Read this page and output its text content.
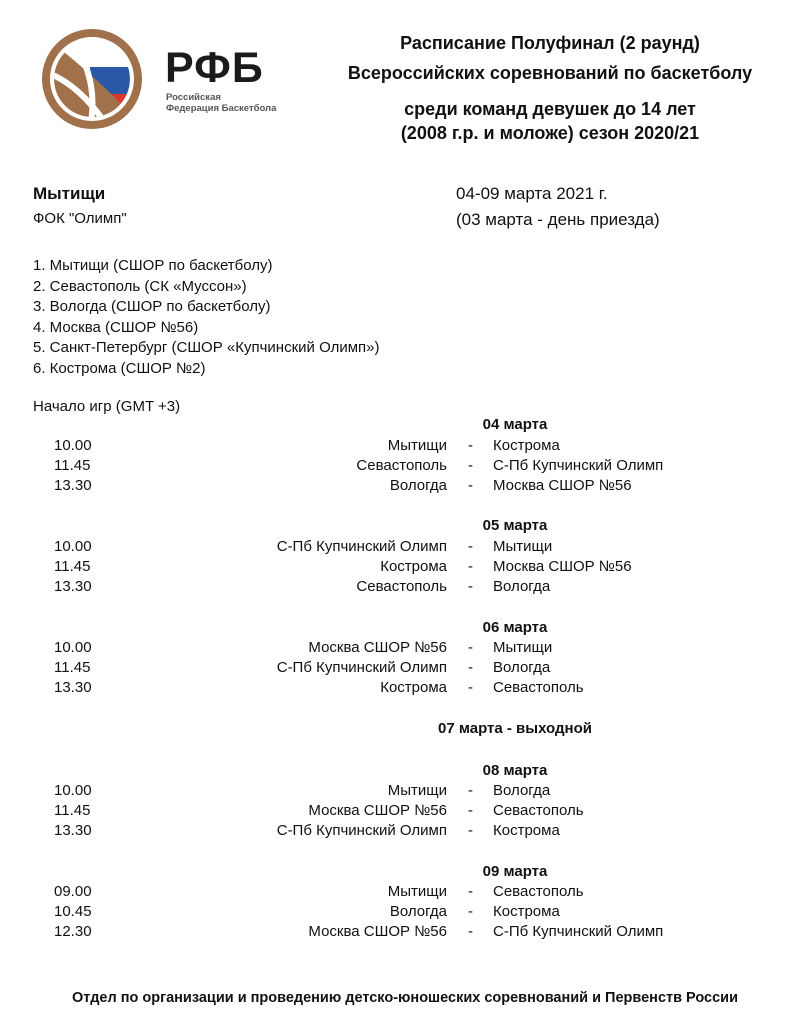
РФБ
Российская
Федерация Баскетбола
Расписание Полуфинал (2 раунд)
Всероссийских соревнований по баскетболу
среди команд девушек до 14 лет
(2008 г.р. и моложе) сезон 2020/21
Мытищи
ФОК "Олимп"
04-09 марта 2021 г.
(03 марта - день приезда)
1. Мытищи (СШОР по баскетболу)
2. Севастополь (СК «Муссон»)
3. Вологда (СШОР по баскетболу)
4. Москва (СШОР №56)
5. Санкт-Петербург (СШОР «Купчинский Олимп»)
6. Кострома (СШОР №2)
Начало игр (GMT +3)
04 марта
10.00	Мытищи - Кострома
11.45	Севастополь - С-Пб Купчинский Олимп
13.30	Вологда - Москва СШОР №56
05 марта
10.00	С-Пб Купчинский Олимп - Мытищи
11.45	Кострома - Москва СШОР №56
13.30	Севастополь - Вологда
06 марта
10.00	Москва СШОР №56 - Мытищи
11.45	С-Пб Купчинский Олимп - Вологда
13.30	Кострома - Севастополь
07 марта - выходной
08 марта
10.00	Мытищи - Вологда
11.45	Москва СШОР №56 - Севастополь
13.30	С-Пб Купчинский Олимп - Кострома
09 марта
09.00	Мытищи - Севастополь
10.45	Вологда - Кострома
12.30	Москва СШОР №56 - С-Пб Купчинский Олимп
Отдел по организации и проведению детско-юношеских соревнований и Первенств России
